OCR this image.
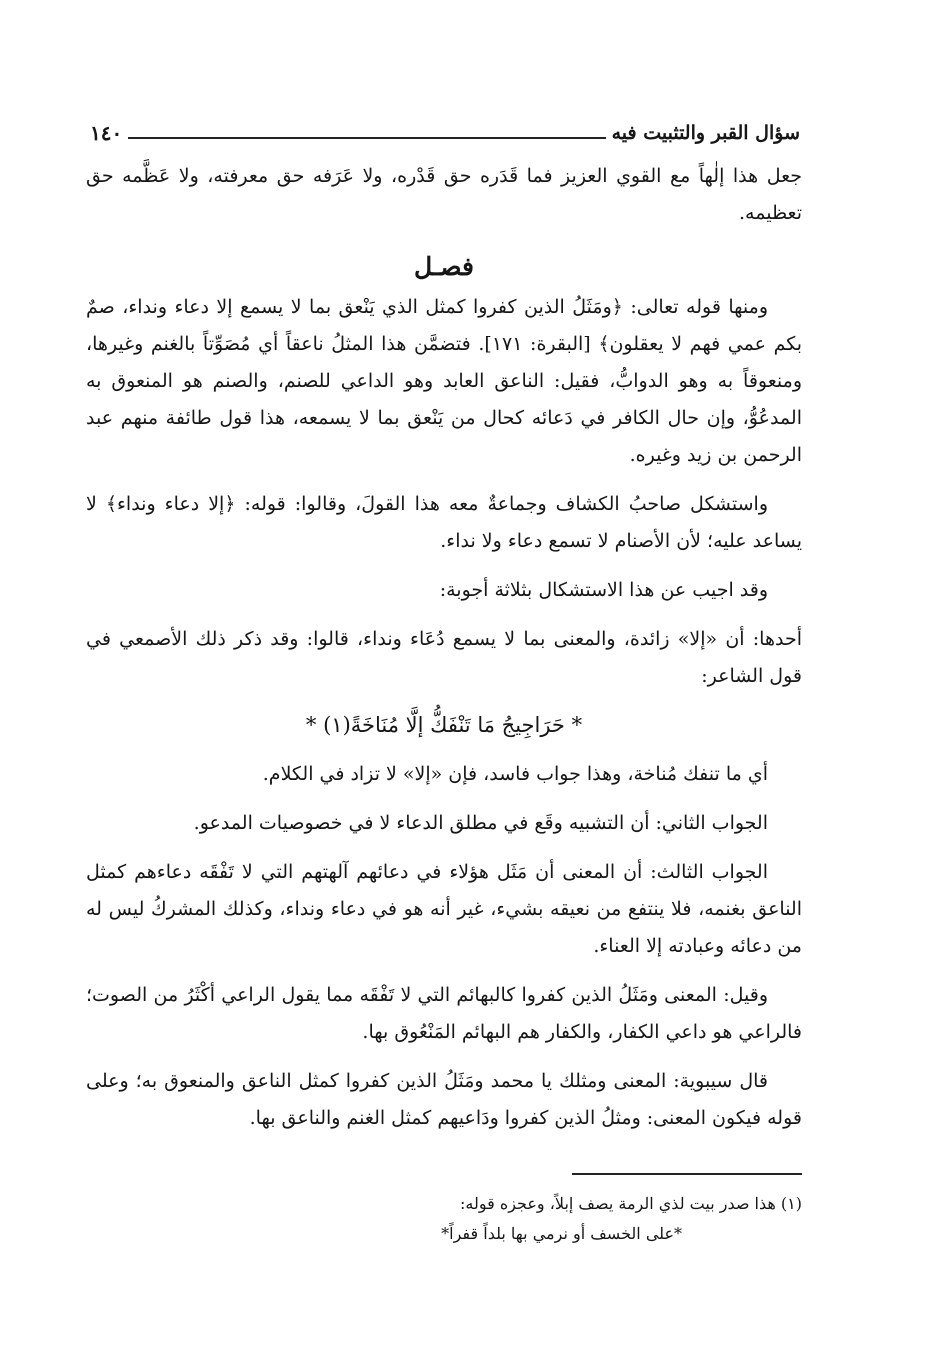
سؤال القبر والتثبيت فيه
١٤٠

جعل هذا إلٰهاً مع القوي العزيز فما قَدَره حق قَدْره، ولا عَرَفه حق معرفته، ولا عَظَّمه حق تعظيمه.

فصـل

ومنها قوله تعالى: ﴿ومَثَلُ الذين كفروا كمثل الذي يَنْعق بما لا يسمع إلا دعاء ونداء، صمٌ بكم عمي فهم لا يعقلون﴾ [البقرة: ١٧١]. فتضمَّن هذا المثلُ ناعقاً أي مُصَوِّتاً بالغنم وغيرها، ومنعوقاً به وهو الدوابُّ، فقيل: الناعق العابد وهو الداعي للصنم، والصنم هو المنعوق به المدعُوُّ، وإن حال الكافر في دَعائه كحال من يَنْعق بما لا يسمعه، هذا قول طائفة منهم عبد الرحمن بن زيد وغيره.

واستشكل صاحبُ الكشاف وجماعةٌ معه هذا القولَ، وقالوا: قوله: ﴿إلا دعاء ونداء﴾ لا يساعد عليه؛ لأن الأصنام لا تسمع دعاء ولا نداء.

وقد اجيب عن هذا الاستشكال بثلاثة أجوبة:

أحدها: أن «إلا» زائدة، والمعنى بما لا يسمع دُعَاء ونداء، قالوا: وقد ذكر ذلك الأصمعي في قول الشاعر:

* حَرَاجِيجُ مَا تَنْفَكُّ إلَّا مُنَاخَةً(١) *

أي ما تنفك مُناخة، وهذا جواب فاسد، فإن «إلا» لا تزاد في الكلام.

الجواب الثاني: أن التشبيه وقَع في مطلق الدعاء لا في خصوصيات المدعو.

الجواب الثالث: أن المعنى أن مَثَل هؤلاء في دعائهم آلهتهم التي لا تَفْقَه دعاءهم كمثل الناعق بغنمه، فلا ينتفع من نعيقه بشيء، غير أنه هو في دعاء ونداء، وكذلك المشركُ ليس له من دعائه وعبادته إلا العناء.

وقيل: المعنى ومَثَلُ الذين كفروا كالبهائم التي لا تَفْقَه مما يقول الراعي أكْثَرُ من الصوت؛ فالراعي هو داعي الكفار، والكفار هم البهائم المَنْعُوق بها.

قال سيبوية: المعنى ومثلك يا محمد ومَثَلُ الذين كفروا كمثل الناعق والمنعوق به؛ وعلى قوله فيكون المعنى: ومثلُ الذين كفروا ودَاعيهم كمثل الغنم والناعق بها.

(١) هذا صدر بيت لذي الرمة يصف إبلاً، وعجزه قوله:

*على الخسف أو نرمي بها بلداً قفراً*
